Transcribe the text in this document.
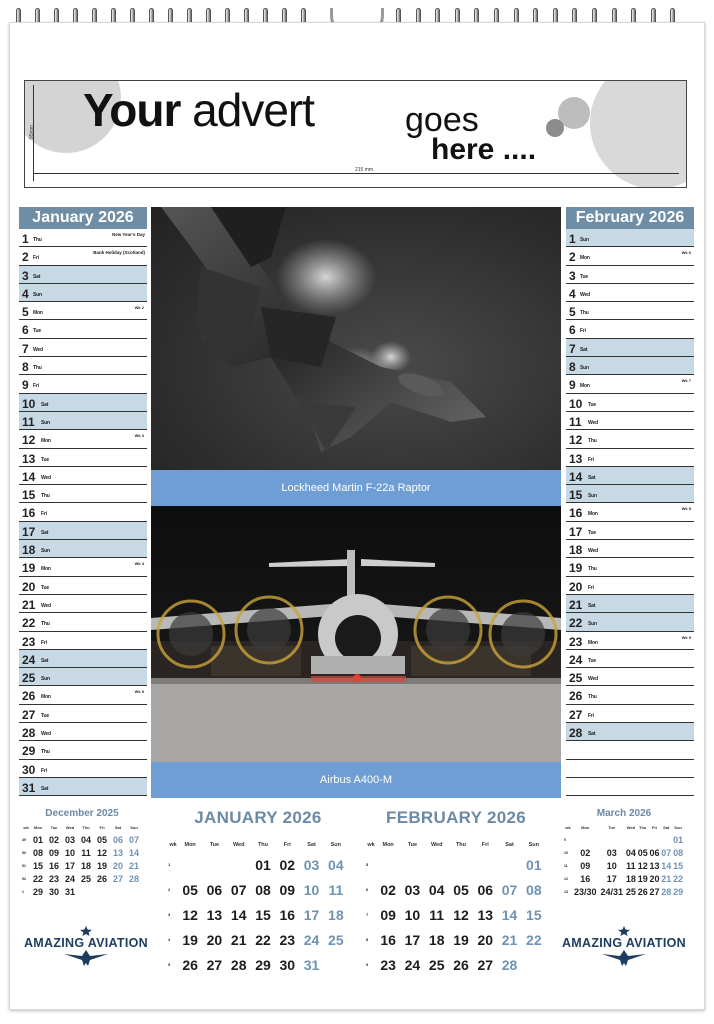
95mm
215 mm
Your advert	goes
here ....
January 2026
1 Thu
New Year's Day
2 Fri
Bank Holiday (Scotland)
3 Sat
4 Sun
5 Mon
Wk 2
6 Tue
7 Wed
8 Thu
9 Fri
10 Sat
11 Sun
12 Mon
Wk 3
13 Tue
14 Wed
15 Thu
16 Fri
17 Sat
18 Sun
19 Mon
Wk 4
20 Tue
21 Wed
22 Thu
23 Fri
24 Sat
25 Sun
26 Mon
Wk 5
27 Tue
28 Wed
29 Thu
30 Fri
31 Sat
February 2026
1 Sun
2 Mon
Wk 6
3 Tue
4 Wed
5 Thu
6 Fri
7 Sat
8 Sun
9 Mon
Wk 7
10 Tue
11 Wed
12 Thu
13 Fri
14 Sat
15 Sun
16 Mon
Wk 8
17 Tue
18 Wed
19 Thu
20 Fri
21 Sat
22 Sun
23 Mon
Wk 9
24 Tue
25 Wed
26 Thu
27 Fri
28 Sat
Lockheed Martin F-22a Raptor
Airbus A400-M
December 2025
wk	Mon	Tue	Wed	Thu	Fri	Sat	Sun
49	01	02	03	04	05	06	07
50	08	09	10	11	12	13	14
51	15	16	17	18	19	20	21
52	22	23	24	25	26	27	28
1	29	30	31				
March 2026
wk	Mon	Tue	Wed	Thu	Fri	Sat	Sun
9							01
10	02	03	04	05	06	07	08
11	09	10	11	12	13	14	15
12	16	17	18	19	20	21	22
13	23/30	24/31	25	26	27	28	29
JANUARY 2026
wk	Mon	Tue	Wed	Thu	Fri	Sat	Sun
1				01	02	03	04
2	05	06	07	08	09	10	11
3	12	13	14	15	16	17	18
4	19	20	21	22	23	24	25
5	26	27	28	29	30	31	
FEBRUARY 2026
wk	Mon	Tue	Wed	Thu	Fri	Sat	Sun
5							01
6	02	03	04	05	06	07	08
7	09	10	11	12	13	14	15
8	16	17	18	19	20	21	22
9	23	24	25	26	27	28	
AMAZING AVIATION	AMAZING AVIATION
